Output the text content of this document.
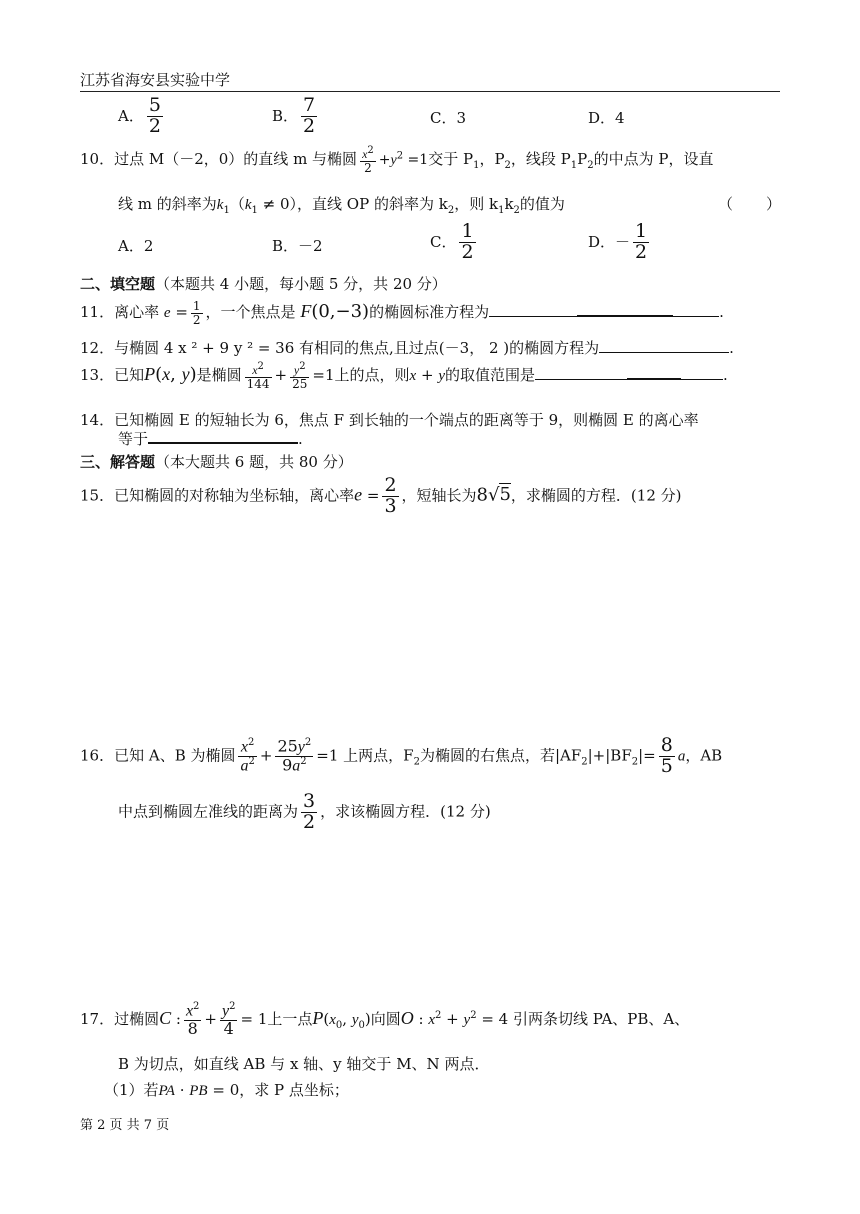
江苏省海安县实验中学
A． $\frac{5}{2}$	B． $\frac{7}{2}$	C．3	D．4
10．过点 M（－2，0）的直线 m 与椭圆 $\frac{x^2}{2} +y^2 =1$交于 $P_1$，$P_2$，线段 $P_1P_2$的中点为 P，设直
线 m 的斜率为$k_1(k_1 \ne 0)$，直线 OP 的斜率为 $k_2$，则 $k_1k_2$的值为	（　　）
A．2	B．－2	C． $\frac{1}{2}$	D．－ $\frac{1}{2}$
二、填空题（本题共 4 小题，每小题 5 分，共 20 分）
11．离心率 $e = \frac{1}{2}$ ，一个焦点是 F(0,−3)的椭圆标准方程为	.
12．与椭圆 4 x ² + 9 y ² = 36 有相同的焦点,且过点(－3， 2 )的椭圆方程为	.
13．已知P(x, y)是椭圆 $\frac{x^2}{144} + \frac{y^2}{25} =1$上的点，则x + y的取值范围是	.
14．已知椭圆 E 的短轴长为 6，焦点 F 到长轴的一个端点的距离等于 9，则椭圆 E 的离心率
等于	.
三、解答题（本大题共 6 题，共 80 分）
15．已知椭圆的对称轴为坐标轴，离心率$e = \frac{2}{3}$ ，短轴长为8√5，求椭圆的方程．(12 分)
16．已知 A、B 为椭圆 $\frac{x^2}{a^2} + \frac{25y^2}{9a^2} =1$ 上两点，$F_2$为椭圆的右焦点，若$|AF_2|+|BF_2|= \frac{8}{5}$ a，AB
中点到椭圆左准线的距离为 $\frac{3}{2}$ ，求该椭圆方程．(12 分)
17．过椭圆C : $\frac{x^2}{8} + \frac{y^2}{4} = 1$上一点$P(x_0$, $y_0$)向圆O : $x^2 + y^2 = 4$ 引两条切线 PA、PB、A、
B 为切点，如直线 AB 与 x 轴、y 轴交于 M、N 两点．
（1）若PA · PB = 0，求 P 点坐标；
第 2 页 共 7 页
